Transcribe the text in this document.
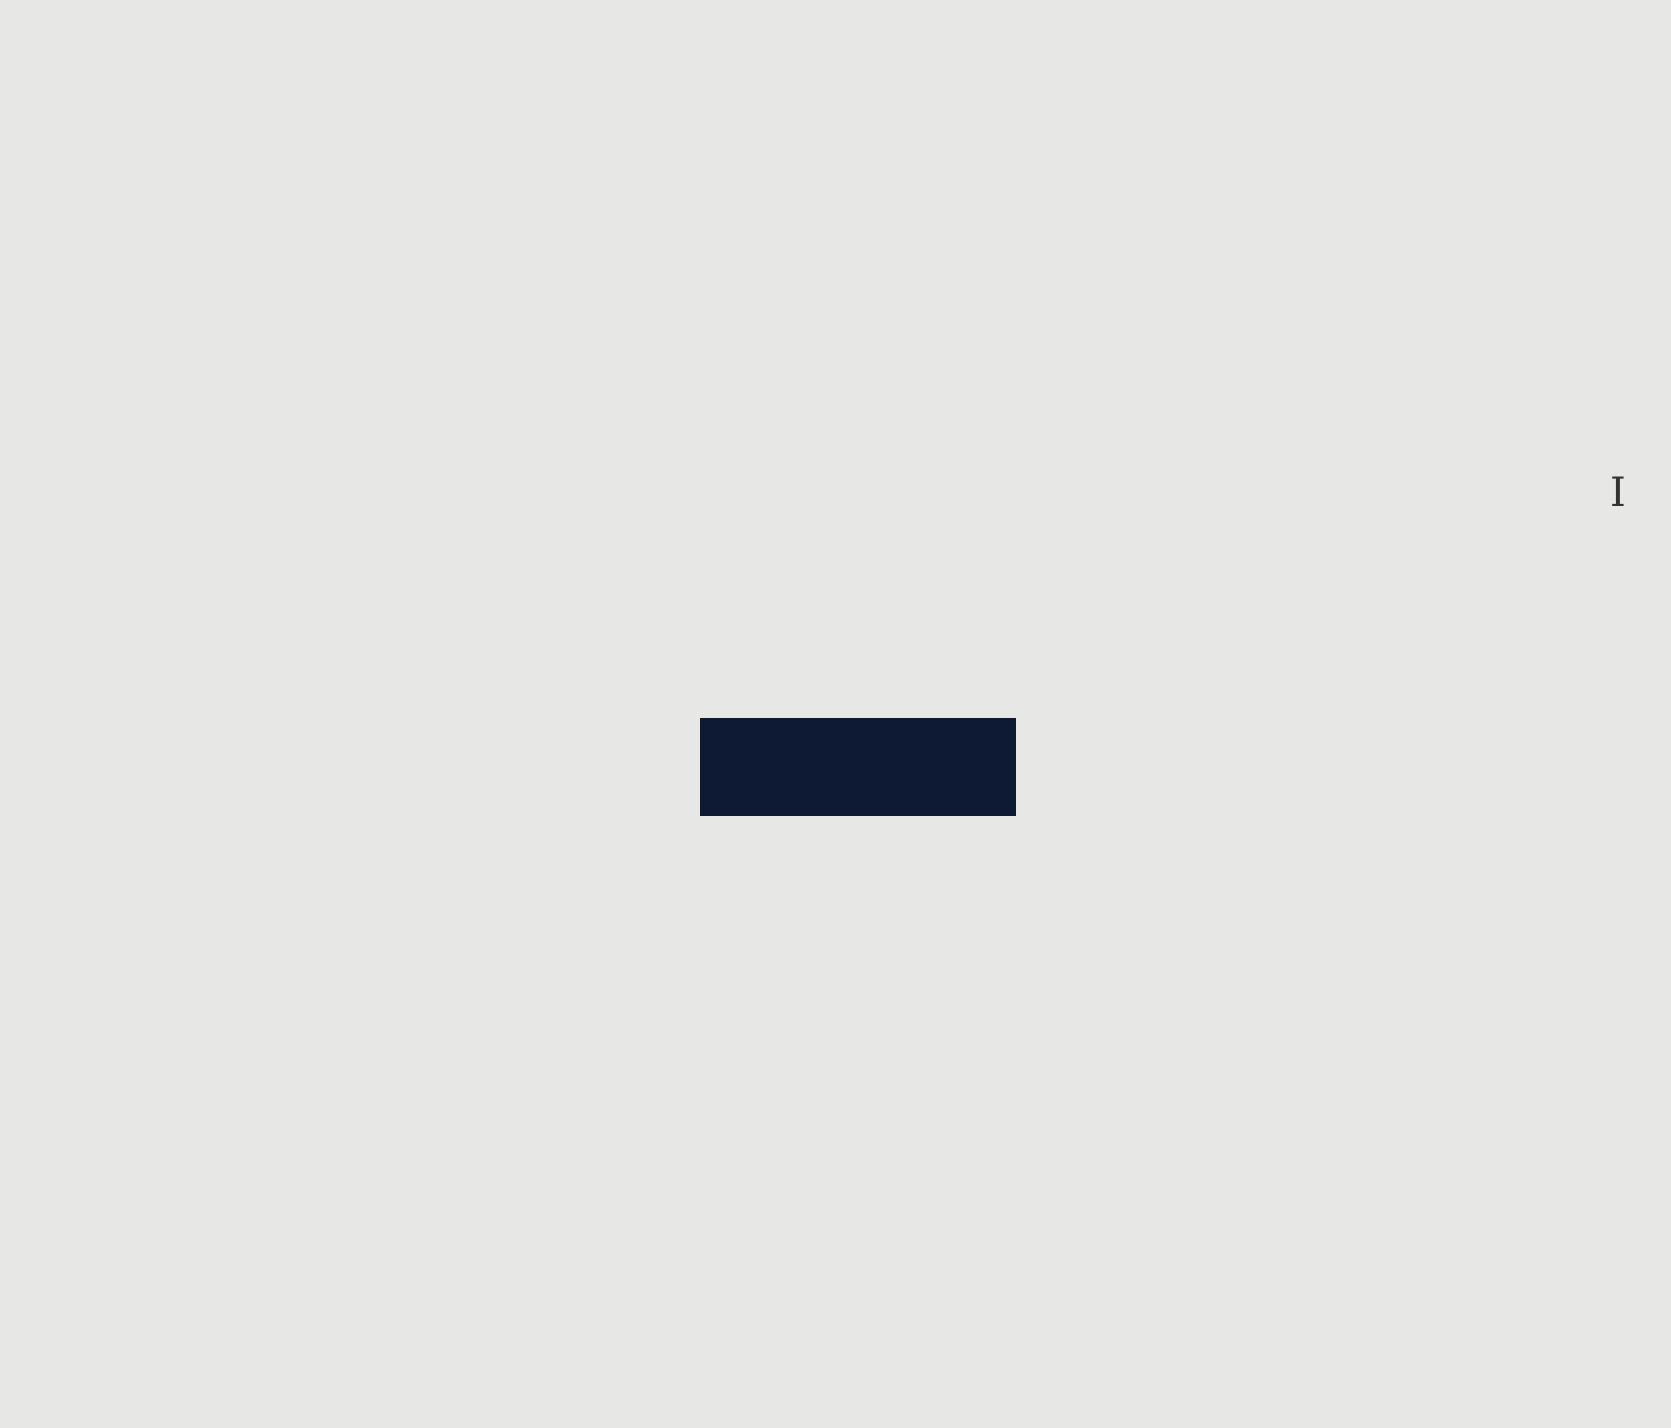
I
